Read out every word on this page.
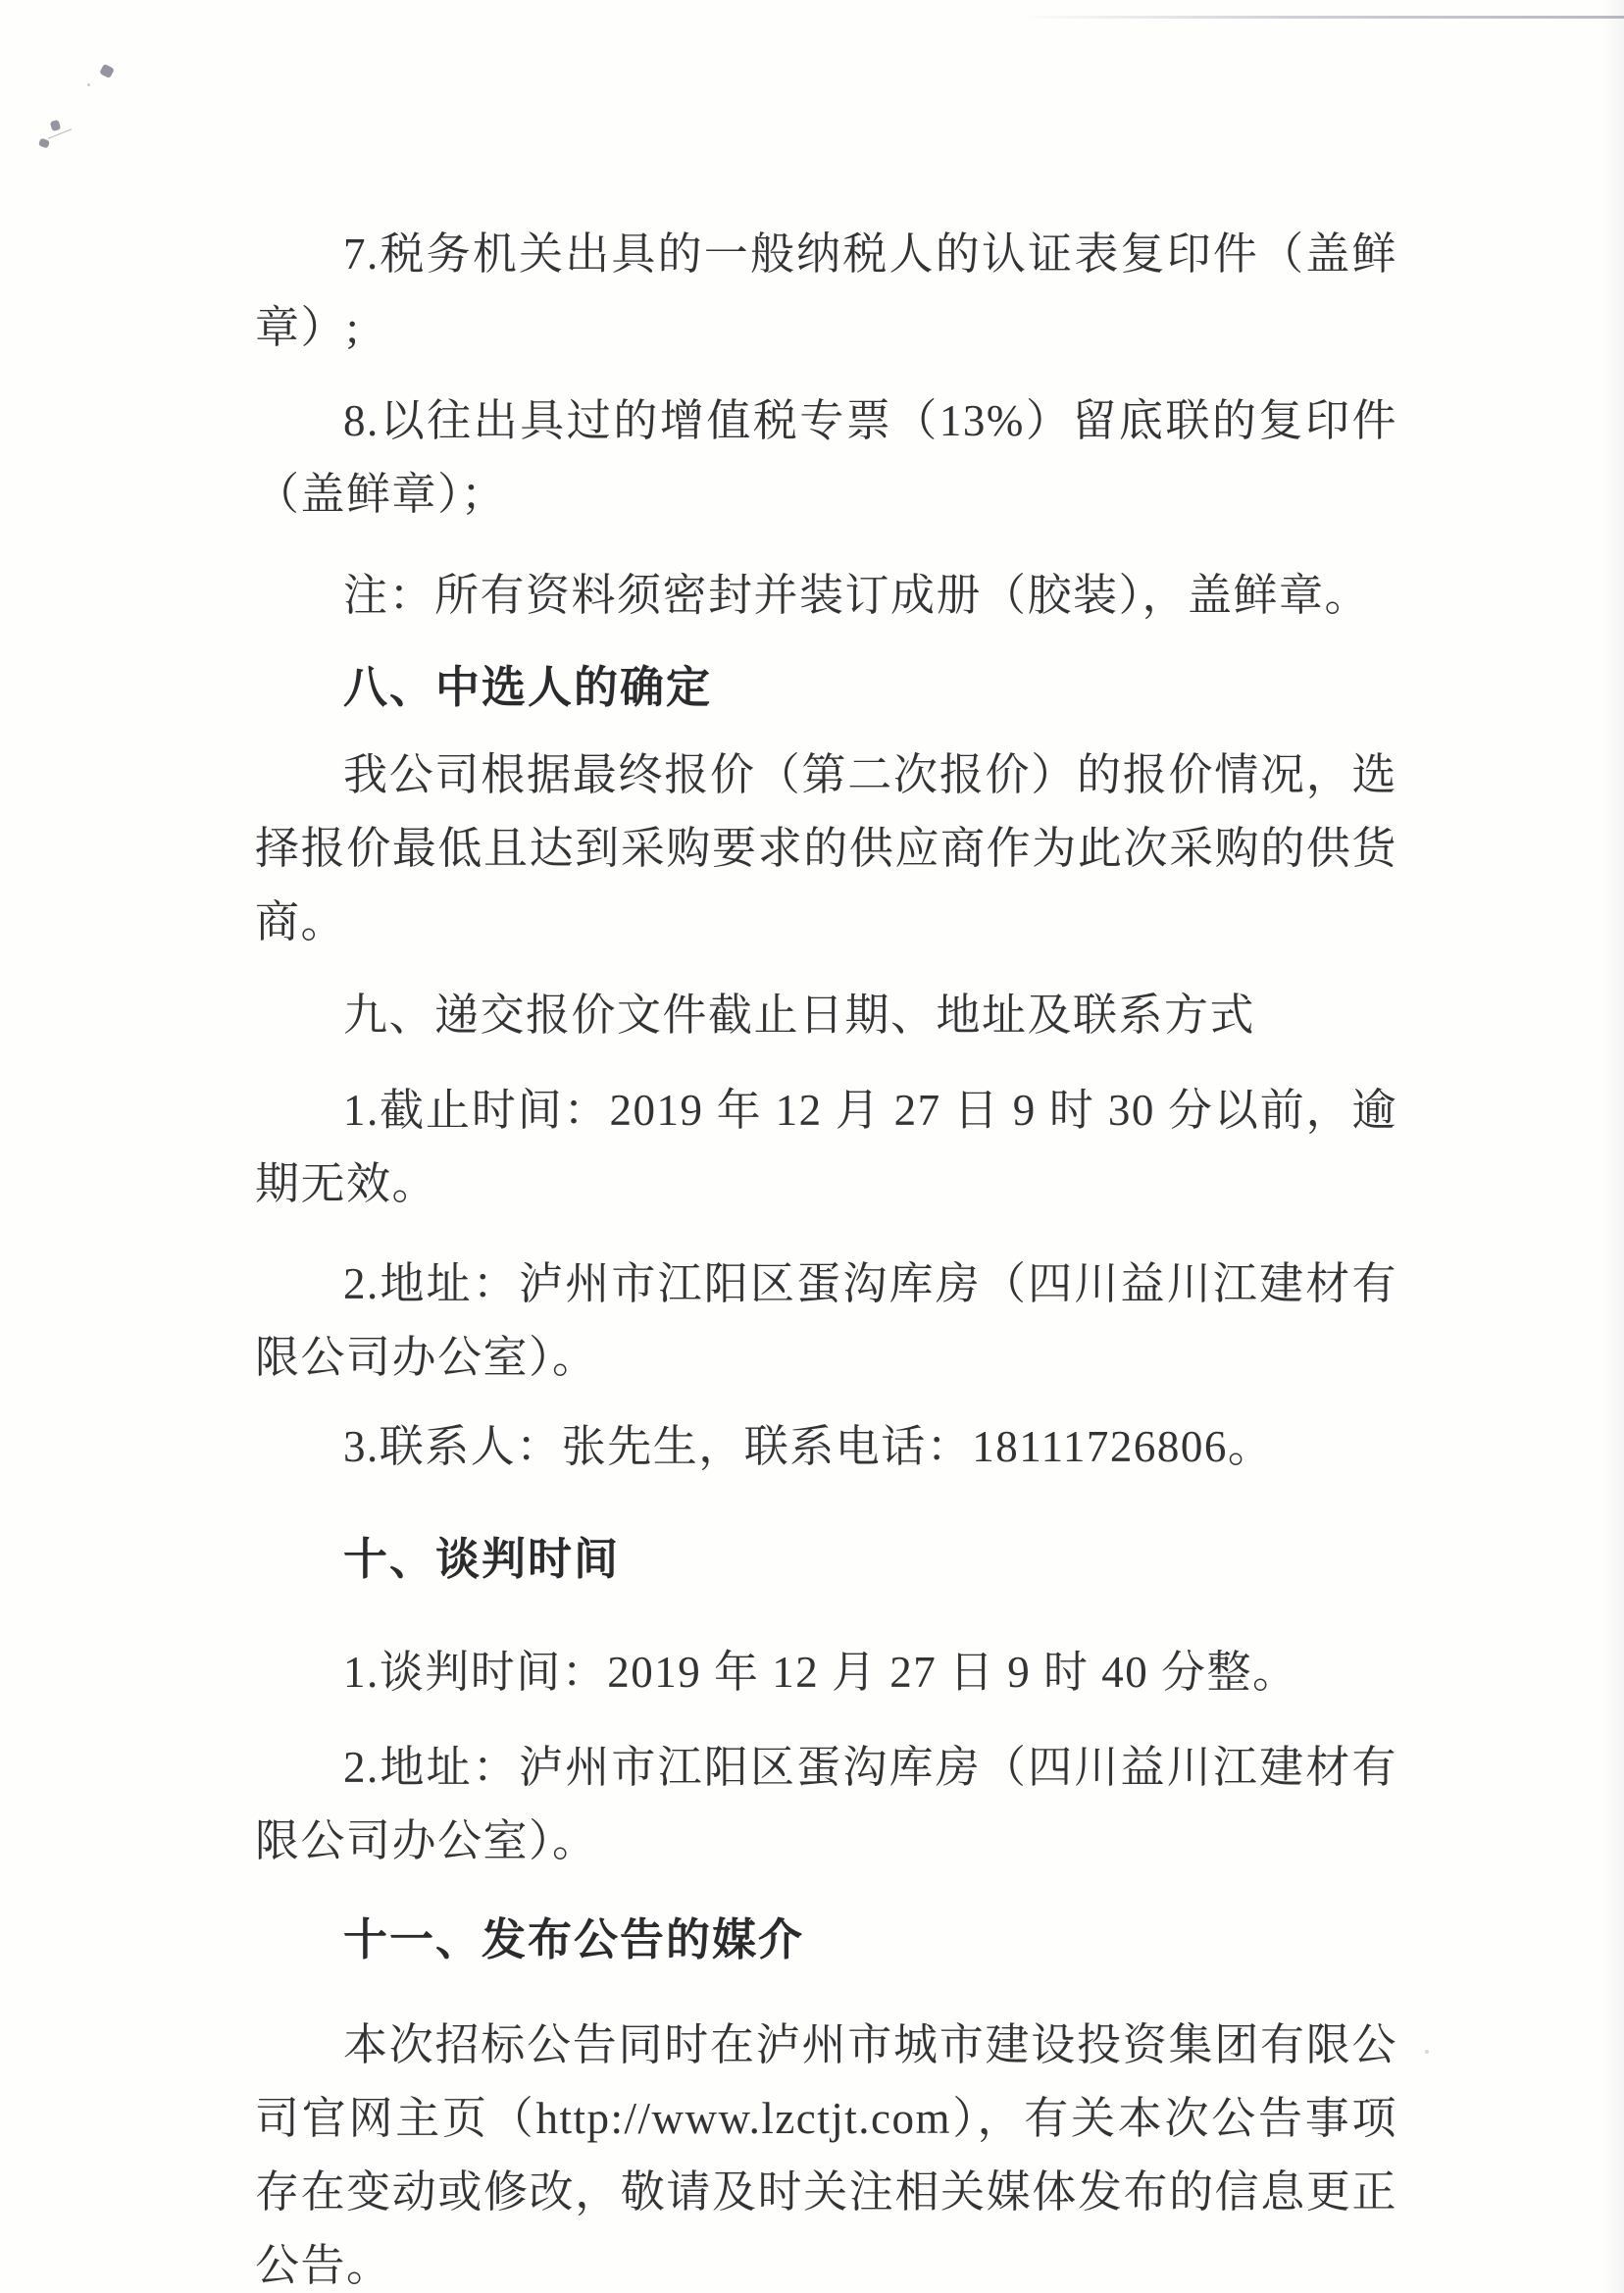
7.税务机关出具的一般纳税人的认证表复印件（盖鲜章）;

8.以往出具过的增值税专票（13%）留底联的复印件（盖鲜章）；

注：所有资料须密封并装订成册（胶装），盖鲜章。

八、中选人的确定

我公司根据最终报价（第二次报价）的报价情况，选择报价最低且达到采购要求的供应商作为此次采购的供货商。

九、递交报价文件截止日期、地址及联系方式

1.截止时间：2019 年 12 月 27 日 9 时 30 分以前，逾期无效。

2.地址：泸州市江阳区蛋沟库房（四川益川江建材有限公司办公室）。

3.联系人：张先生，联系电话：18111726806。

十、谈判时间

1.谈判时间：2019 年 12 月 27 日 9 时 40 分整。

2.地址：泸州市江阳区蛋沟库房（四川益川江建材有限公司办公室）。

十一、发布公告的媒介

本次招标公告同时在泸州市城市建设投资集团有限公司官网主页（http://www.lzctjt.com），有关本次公告事项存在变动或修改，敬请及时关注相关媒体发布的信息更正公告。
